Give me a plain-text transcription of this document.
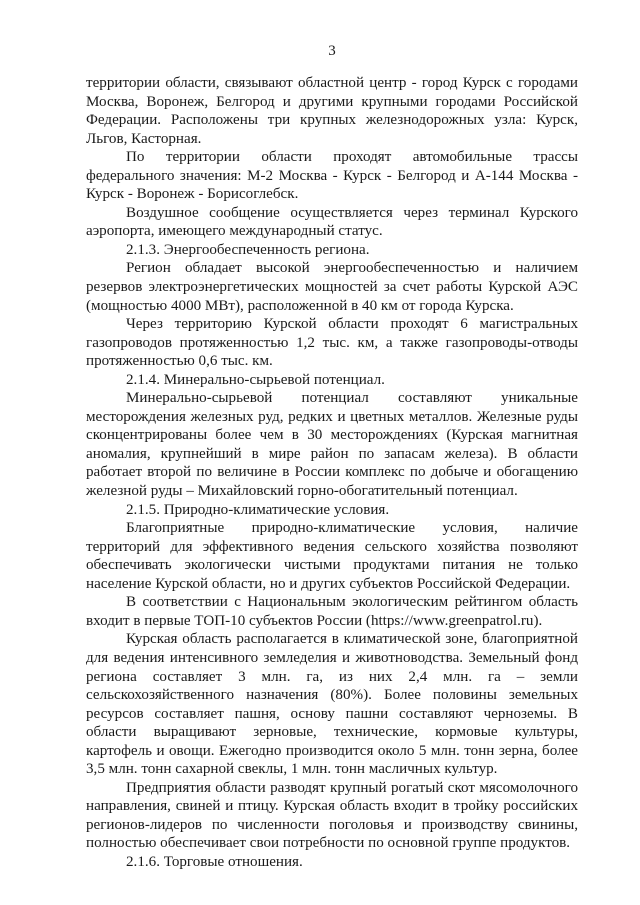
3

территории области, связывают областной центр - город Курск с городами Москва, Воронеж, Белгород и другими крупными городами Российской Федерации. Расположены три крупных железнодорожных узла: Курск, Льгов, Касторная.

По территории области проходят автомобильные трассы федерального значения: М-2 Москва - Курск - Белгород и А-144 Москва - Курск - Воронеж - Борисоглебск.

Воздушное сообщение осуществляется через терминал Курского аэропорта, имеющего международный статус.

2.1.3. Энергообеспеченность региона.

Регион обладает высокой энергообеспеченностью и наличием резервов электроэнергетических мощностей за счет работы Курской АЭС (мощностью 4000 МВт), расположенной в 40 км от города Курска.

Через территорию Курской области проходят 6 магистральных газопроводов протяженностью 1,2 тыс. км, а также газопроводы-отводы протяженностью 0,6 тыс. км.

2.1.4. Минерально-сырьевой потенциал.

Минерально-сырьевой потенциал составляют уникальные месторождения железных руд, редких и цветных металлов. Железные руды сконцентрированы более чем в 30 месторождениях (Курская магнитная аномалия, крупнейший в мире район по запасам железа). В области работает второй по величине в России комплекс по добыче и обогащению железной руды – Михайловский горно-обогатительный потенциал.

2.1.5. Природно-климатические условия.

Благоприятные природно-климатические условия, наличие территорий для эффективного ведения сельского хозяйства позволяют обеспечивать экологически чистыми продуктами питания не только население Курской области, но и других субъектов Российской Федерации.

В соответствии с Национальным экологическим рейтингом область входит в первые ТОП-10 субъектов России (https://www.greenpatrol.ru).

Курская область располагается в климатической зоне, благоприятной для ведения интенсивного земледелия и животноводства. Земельный фонд региона составляет 3 млн. га, из них 2,4 млн. га – земли сельскохозяйственного назначения (80%). Более половины земельных ресурсов составляет пашня, основу пашни составляют черноземы. В области выращивают зерновые, технические, кормовые культуры, картофель и овощи. Ежегодно производится около 5 млн. тонн зерна, более 3,5 млн. тонн сахарной свеклы, 1 млн. тонн масличных культур.

Предприятия области разводят крупный рогатый скот мясомолочного направления, свиней и птицу. Курская область входит в тройку российских регионов-лидеров по численности поголовья и производству свинины, полностью обеспечивает свои потребности по основной группе продуктов.

2.1.6. Торговые отношения.
